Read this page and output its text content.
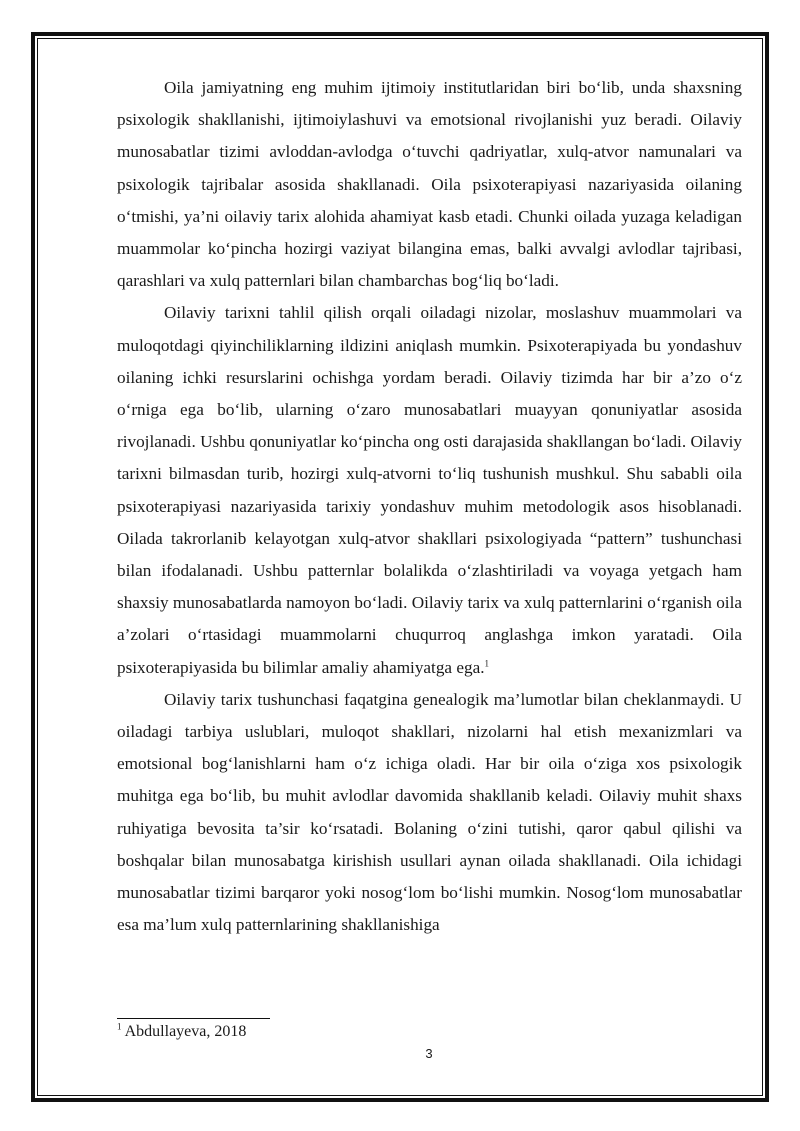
Oila jamiyatning eng muhim ijtimoiy institutlaridan biri bo‘lib, unda shaxsning psixologik shakllanishi, ijtimoiylashuvi va emotsional rivojlanishi yuz beradi. Oilaviy munosabatlar tizimi avloddan-avlodga o‘tuvchi qadriyatlar, xulq-atvor namunalari va psixologik tajribalar asosida shakllanadi. Oila psixoterapiyasi nazariyasida oilaning o‘tmishi, ya’ni oilaviy tarix alohida ahamiyat kasb etadi. Chunki oilada yuzaga keladigan muammolar ko‘pincha hozirgi vaziyat bilangina emas, balki avvalgi avlodlar tajribasi, qarashlari va xulq patternlari bilan chambarchas bog‘liq bo‘ladi.

Oilaviy tarixni tahlil qilish orqali oiladagi nizolar, moslashuv muammolari va muloqotdagi qiyinchiliklarning ildizini aniqlash mumkin. Psixoterapiyada bu yondashuv oilaning ichki resurslarini ochishga yordam beradi. Oilaviy tizimda har bir a’zo o‘z o‘rniga ega bo‘lib, ularning o‘zaro munosabatlari muayyan qonuniyatlar asosida rivojlanadi. Ushbu qonuniyatlar ko‘pincha ong osti darajasida shakllangan bo‘ladi. Oilaviy tarixni bilmasdan turib, hozirgi xulq-atvorni to‘liq tushunish mushkul. Shu sababli oila psixoterapiyasi nazariyasida tarixiy yondashuv muhim metodologik asos hisoblanadi. Oilada takrorlanib kelayotgan xulq-atvor shakllari psixologiyada “pattern” tushunchasi bilan ifodalanadi. Ushbu patternlar bolalikda o‘zlashtiriladi va voyaga yetgach ham shaxsiy munosabatlarda namoyon bo‘ladi. Oilaviy tarix va xulq patternlarini o‘rganish oila a’zolari o‘rtasidagi muammolarni chuqurroq anglashga imkon yaratadi. Oila psixoterapiyasida bu bilimlar amaliy ahamiyatga ega.$^1$

Oilaviy tarix tushunchasi faqatgina genealogik ma’lumotlar bilan cheklanmaydi. U oiladagi tarbiya uslublari, muloqot shakllari, nizolarni hal etish mexanizmlari va emotsional bog‘lanishlarni ham o‘z ichiga oladi. Har bir oila o‘ziga xos psixologik muhitga ega bo‘lib, bu muhit avlodlar davomida shakllanib keladi. Oilaviy muhit shaxs ruhiyatiga bevosita ta’sir ko‘rsatadi. Bolaning o‘zini tutishi, qaror qabul qilishi va boshqalar bilan munosabatga kirishish usullari aynan oilada shakllanadi. Oila ichidagi munosabatlar tizimi barqaror yoki nosog‘lom bo‘lishi mumkin. Nosog‘lom munosabatlar esa ma’lum xulq patternlarining shakllanishiga

$^1$ Abdullayeva, 2018
3
